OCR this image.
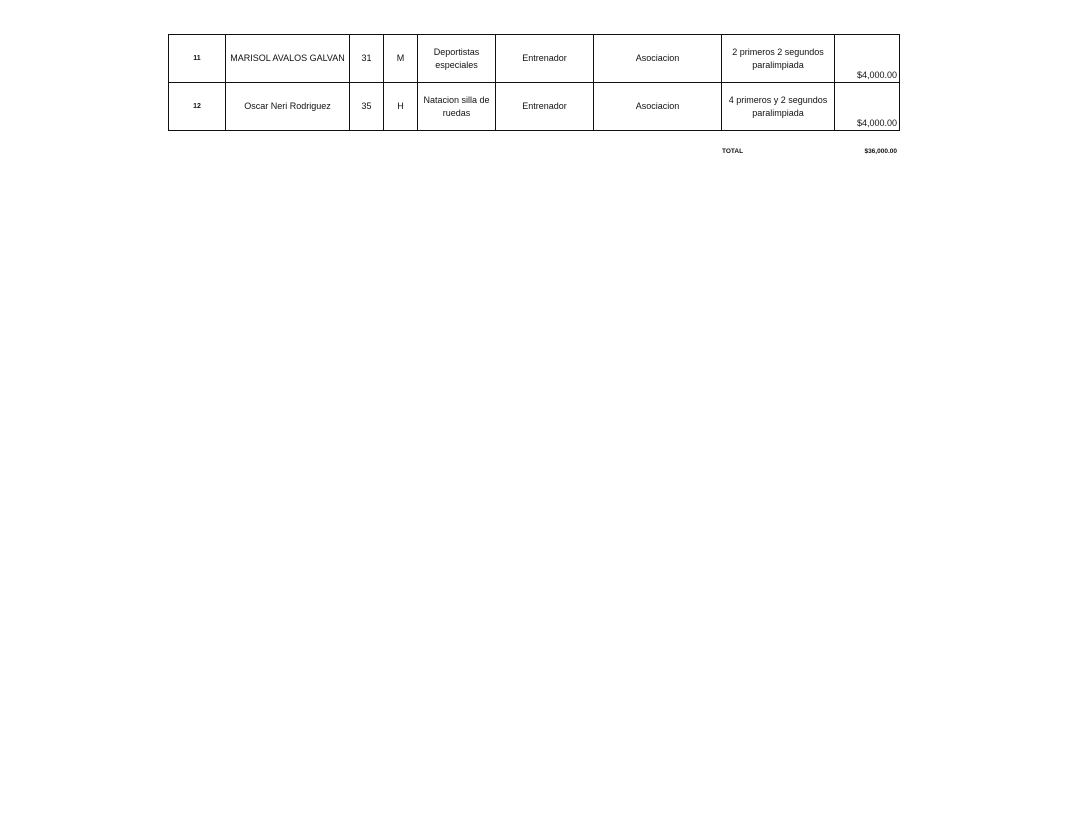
11	MARISOL AVALOS GALVAN	31	M	Deportistas especiales	Entrenador	Asociacion	2 primeros 2 segundos paralimpiada	$4,000.00

12	Oscar Neri Rodriguez	35	H	Natacion silla de ruedas	Entrenador	Asociacion	4 primeros y 2 segundos paralimpiada	$4,000.00
TOTAL	$36,000.00
